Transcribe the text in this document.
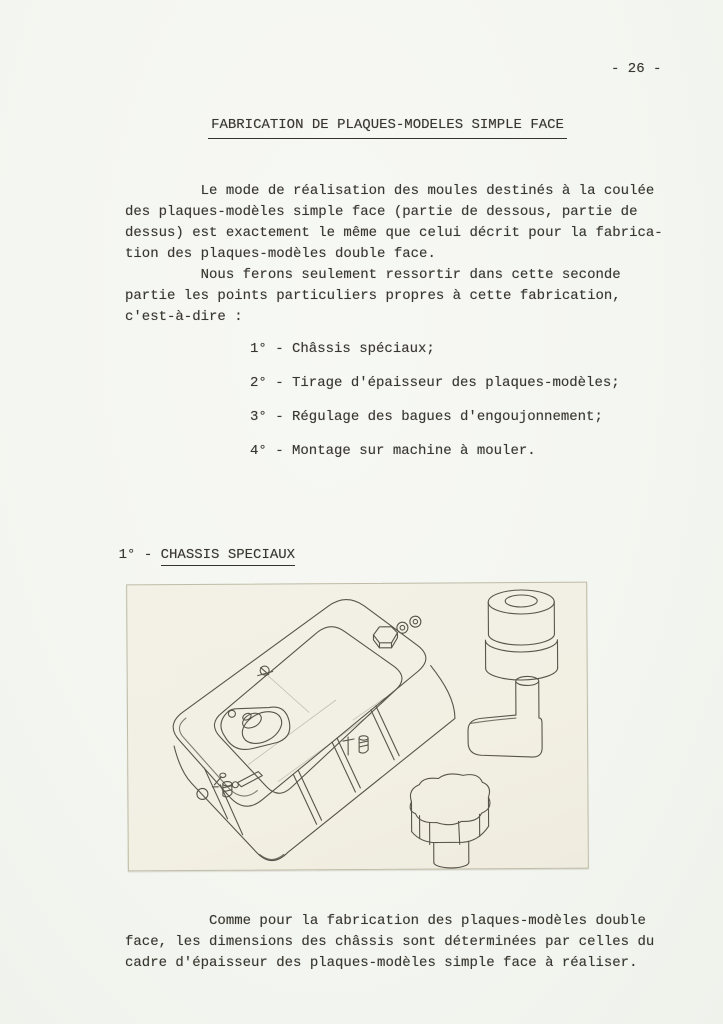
- 26 -
FABRICATION DE PLAQUES-MODELES SIMPLE FACE
Le mode de réalisation des moules destinés à la coulée
des plaques-modèles simple face (partie de dessous, partie de
dessus) est exactement le même que celui décrit pour la fabrica-
tion des plaques-modèles double face.
Nous ferons seulement ressortir dans cette seconde
partie les points particuliers propres à cette fabrication,
c'est-à-dire :
1° - Châssis spéciaux;
2° - Tirage d'épaisseur des plaques-modèles;
3° - Régulage des bagues d'engoujonnement;
4° - Montage sur machine à mouler.

1° - CHASSIS SPECIAUX

Comme pour la fabrication des plaques-modèles double
face, les dimensions des châssis sont déterminées par celles du
cadre d'épaisseur des plaques-modèles simple face à réaliser.
